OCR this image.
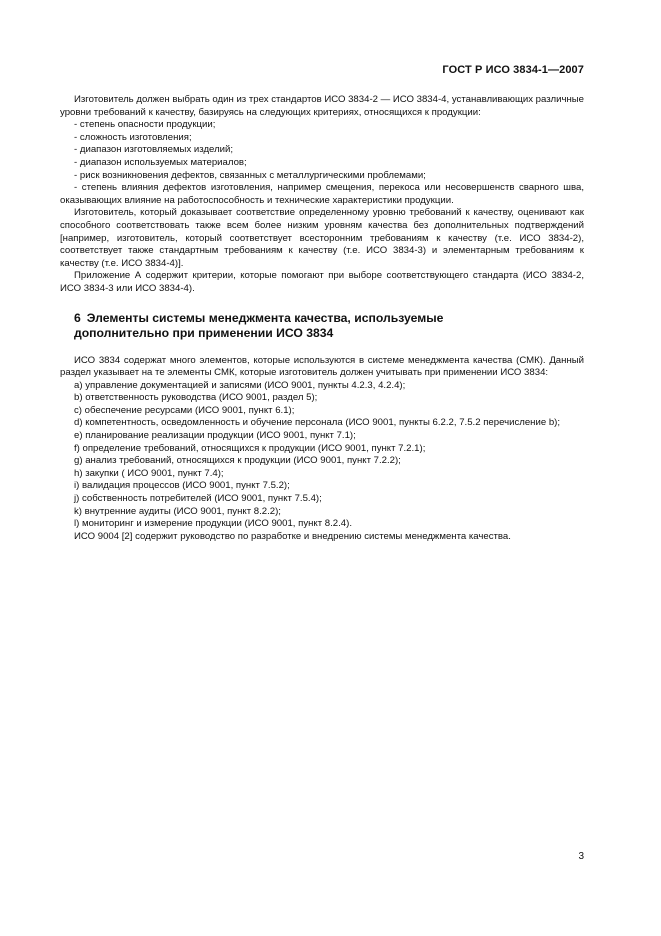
ГОСТ Р ИСО 3834-1—2007

Изготовитель должен выбрать один из трех стандартов ИСО 3834-2 — ИСО 3834-4, устанавливающих различные уровни требований к качеству, базируясь на следующих критериях, относящихся к продукции:

- степень опасности продукции;

- сложность изготовления;

- диапазон изготовляемых изделий;

- диапазон используемых материалов;

- риск возникновения дефектов, связанных с металлургическими проблемами;

- степень влияния дефектов изготовления, например смещения, перекоса или несовершенств сварного шва, оказывающих влияние на работоспособность и технические характеристики продукции.

Изготовитель, который доказывает соответствие определенному уровню требований к качеству, оценивают как способного соответствовать также всем более низким уровням качества без дополнительных подтверждений [например, изготовитель, который соответствует всесторонним требованиям к качеству (т.е. ИСО 3834-2), соответствует также стандартным требованиям к качеству (т.е. ИСО 3834-3) и элементарным требованиям к качеству (т.е. ИСО 3834-4)].

Приложение А содержит критерии, которые помогают при выборе соответствующего стандарта (ИСО 3834-2, ИСО 3834-3 или ИСО 3834-4).

6 Элементы системы менеджмента качества, используемые
дополнительно при применении ИСО 3834

ИСО 3834 содержат много элементов, которые используются в системе менеджмента качества (СМК). Данный раздел указывает на те элементы СМК, которые изготовитель должен учитывать при применении ИСО 3834:

a) управление документацией и записями (ИСО 9001, пункты 4.2.3, 4.2.4);

b) ответственность руководства (ИСО 9001, раздел 5);

c) обеспечение ресурсами (ИСО 9001, пункт 6.1);

d) компетентность, осведомленность и обучение персонала (ИСО 9001, пункты 6.2.2, 7.5.2 перечисление b);

e) планирование реализации продукции (ИСО 9001, пункт 7.1);

f) определение требований, относящихся к продукции (ИСО 9001, пункт 7.2.1);

g) анализ требований, относящихся к продукции (ИСО 9001, пункт 7.2.2);

h) закупки ( ИСО 9001, пункт 7.4);

i) валидация процессов (ИСО 9001, пункт 7.5.2);

j) собственность потребителей (ИСО 9001, пункт 7.5.4);

k) внутренние аудиты (ИСО 9001, пункт 8.2.2);

l) мониторинг и измерение продукции (ИСО 9001, пункт 8.2.4).

ИСО 9004 [2] содержит руководство по разработке и внедрению системы менеджмента качества.

3
